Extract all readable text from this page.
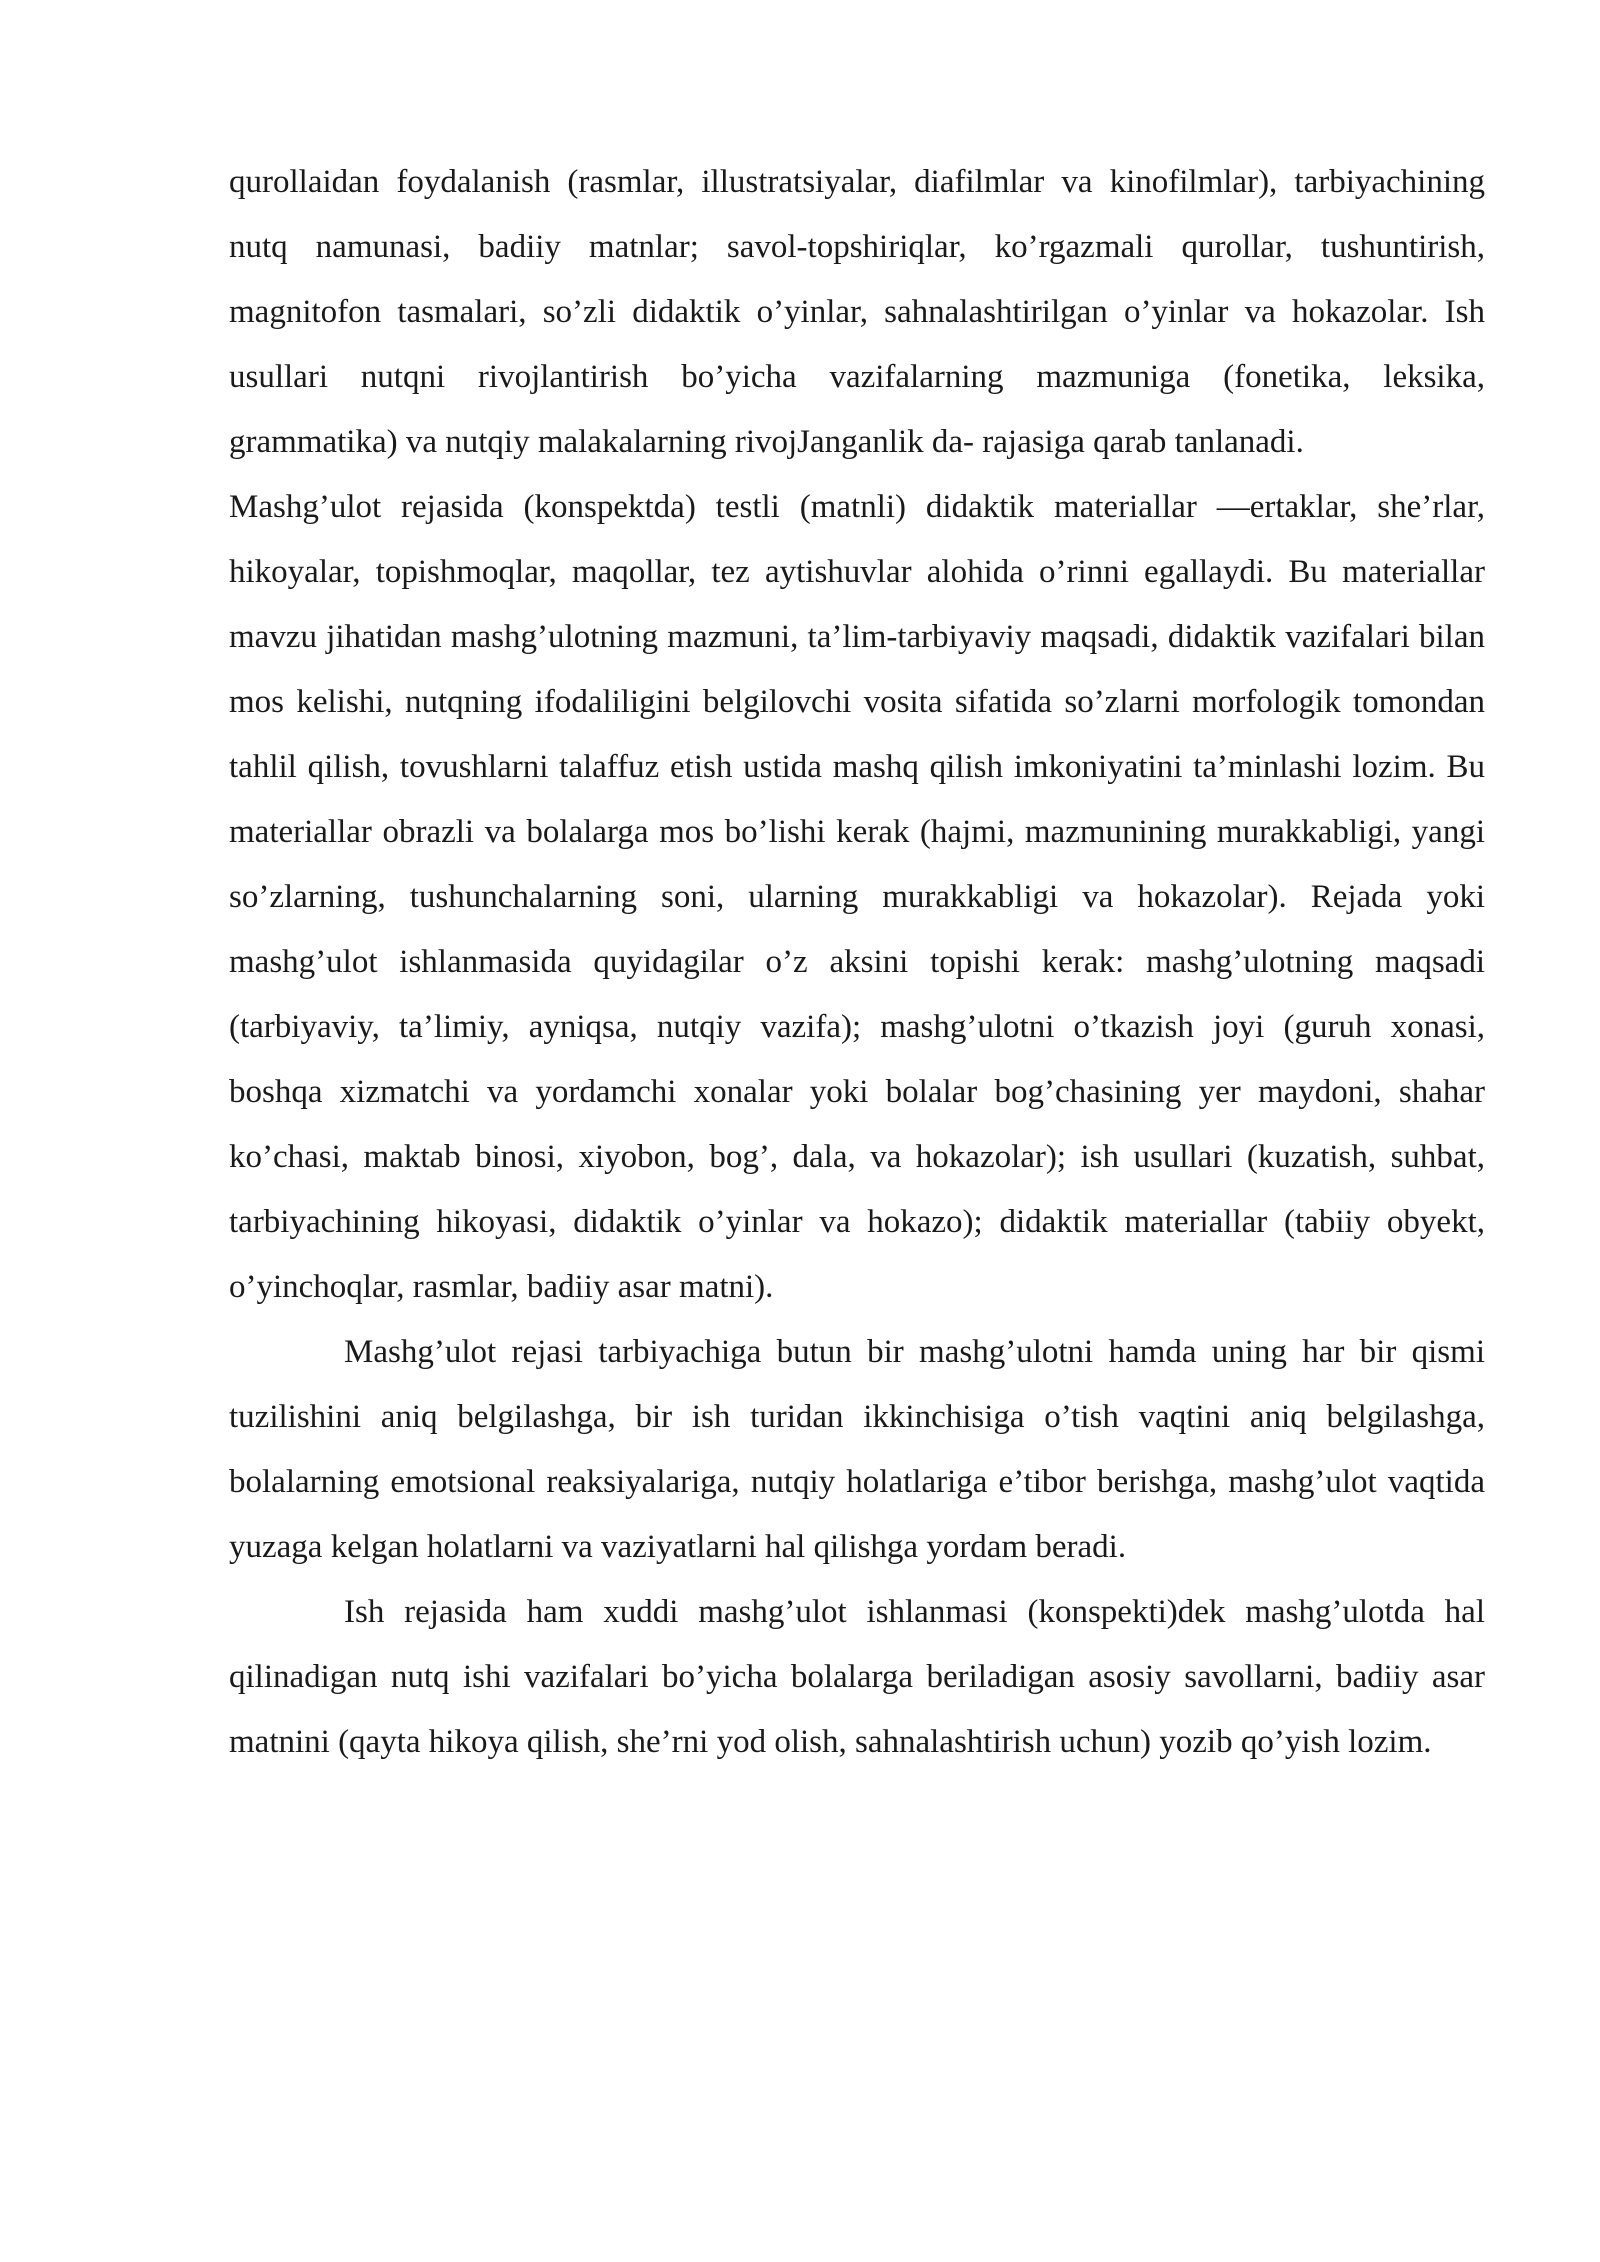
qurollaidan foydalanish (rasmlar, illustratsiyalar, diafilmlar va kinofilmlar), tarbiyachining nutq namunasi, badiiy matnlar; savol-topshiriqlar, ko’rgazmali qurollar, tushuntirish, magnitofon tasmalari, so’zli didaktik o’yinlar, sahnalashtirilgan o’yinlar va hokazolar. Ish usullari nutqni rivojlantirish bo’yicha vazifalarning mazmuniga (fonetika, leksika, grammatika) va nutqiy malakalarning rivojJanganlik da- rajasiga qarab tanlanadi.

Mashg’ulot rejasida (konspektda) testli (matnli) didaktik materiallar —ertaklar, she’rlar, hikoyalar, topishmoqlar, maqollar, tez aytishuvlar alohida o’rinni egallaydi. Bu materiallar mavzu jihatidan mashg’ulotning mazmuni, ta’lim-tarbiyaviy maqsadi, didaktik vazifalari bilan mos kelishi, nutqning ifodaliligini belgilovchi vosita sifatida so’zlarni morfologik tomondan tahlil qilish, tovushlarni talaffuz etish ustida mashq qilish imkoniyatini ta’minlashi lozim. Bu materiallar obrazli va bolalarga mos bo’lishi kerak (hajmi, mazmunining murakkabligi, yangi so’zlarning, tushunchalarning soni, ularning murakkabligi va hokazolar). Rejada yoki mashg’ulot ishlanmasida quyidagilar o’z aksini topishi kerak: mashg’ulotning maqsadi (tarbiyaviy, ta’limiy, ayniqsa, nutqiy vazifa); mashg’ulotni o’tkazish joyi (guruh xonasi, boshqa xizmatchi va yordamchi xonalar yoki bolalar bog’chasining yer maydoni, shahar ko’chasi, maktab binosi, xiyobon, bog’, dala, va hokazolar); ish usullari (kuzatish, suhbat, tarbiyachining hikoyasi, didaktik o’yinlar va hokazo); didaktik materiallar (tabiiy obyekt, o’yinchoqlar, rasmlar, badiiy asar matni).

Mashg’ulot rejasi tarbiyachiga butun bir mashg’ulotni hamda uning har bir qismi tuzilishini aniq belgilashga, bir ish turidan ikkinchisiga o’tish vaqtini aniq belgilashga, bolalarning emotsional reaksiyalariga, nutqiy holatlariga e’tibor berishga, mashg’ulot vaqtida yuzaga kelgan holatlarni va vaziyatlarni hal qilishga yordam beradi.

Ish rejasida ham xuddi mashg’ulot ishlanmasi (konspekti)dek mashg’ulotda hal qilinadigan nutq ishi vazifalari bo’yicha bolalarga beriladigan asosiy savollarni, badiiy asar matnini (qayta hikoya qilish, she’rni yod olish, sahnalashtirish uchun) yozib qo’yish lozim.
